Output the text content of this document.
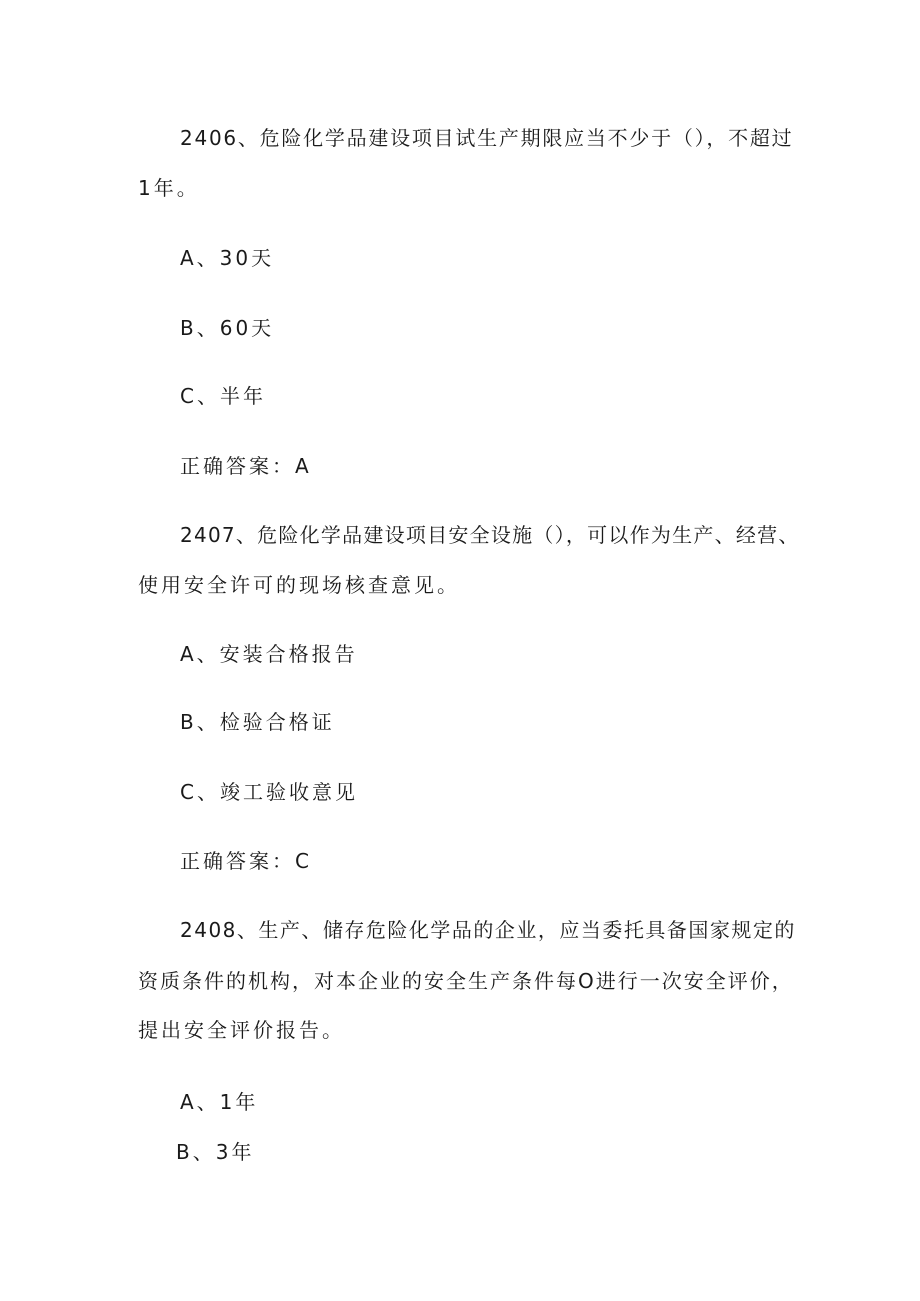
2406、危险化学品建设项目试生产期限应当不少于（），不超过
1年。
A、30天
B、60天
C、半年
正确答案：A
2407、危险化学品建设项目安全设施（），可以作为生产、经营、
使用安全许可的现场核查意见。
A、安装合格报告
B、检验合格证
C、竣工验收意见
正确答案：C
2408、生产、储存危险化学品的企业，应当委托具备国家规定的
资质条件的机构，对本企业的安全生产条件每O进行一次安全评价，
提出安全评价报告。
A、1年
B、3年
